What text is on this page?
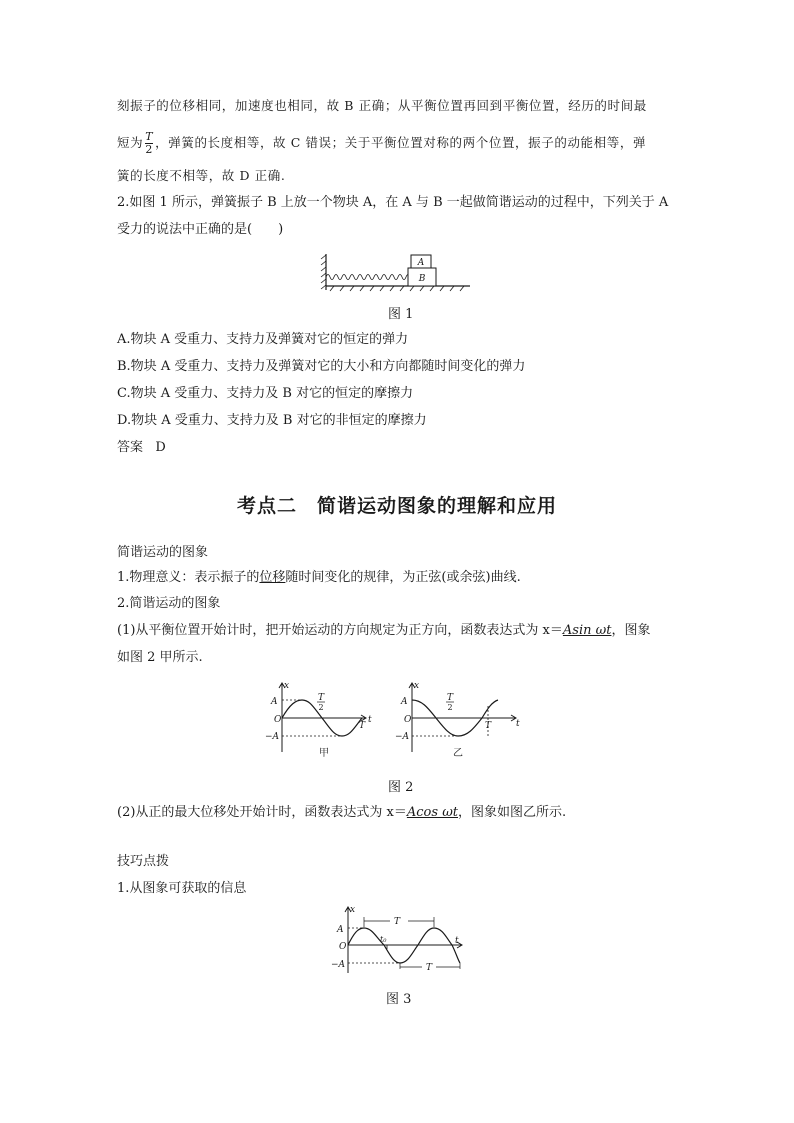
刻振子的位移相同，加速度也相同，故 B 正确；从平衡位置再回到平衡位置，经历的时间最
短为 $\frac{T}{2}$ ，弹簧的长度相等，故 C 错误；关于平衡位置对称的两个位置，振子的动能相等，弹
簧的长度不相等，故 D 正确.
2.如图 1 所示，弹簧振子 B 上放一个物块 A，在 A 与 B 一起做简谐运动的过程中，下列关于 A
受力的说法中正确的是(　　)
A
B
图 1
A.物块 A 受重力、支持力及弹簧对它的恒定的弹力
B.物块 A 受重力、支持力及弹簧对它的大小和方向都随时间变化的弹力
C.物块 A 受重力、支持力及 B 对它的恒定的摩擦力
D.物块 A 受重力、支持力及 B 对它的非恒定的摩擦力
答案 D
考点二　简谐运动图象的理解和应用
简谐运动的图象
1.物理意义：表示振子的位移随时间变化的规律，为正弦(或余弦)曲线.
2.简谐运动的图象
(1)从平衡位置开始计时，把开始运动的方向规定为正方向，函数表达式为 x＝Asin ωt，图象
如图 2 甲所示.
x
t
A
O
−A
T
2
T
甲
x
t
A
O
−A
T
2
T
乙
图 2
(2)从正的最大位移处开始计时，函数表达式为 x＝Acos ωt，图象如图乙所示.
技巧点拨
1.从图象可获取的信息
T
T
x
t
A
O
−A
t₀
图 3
